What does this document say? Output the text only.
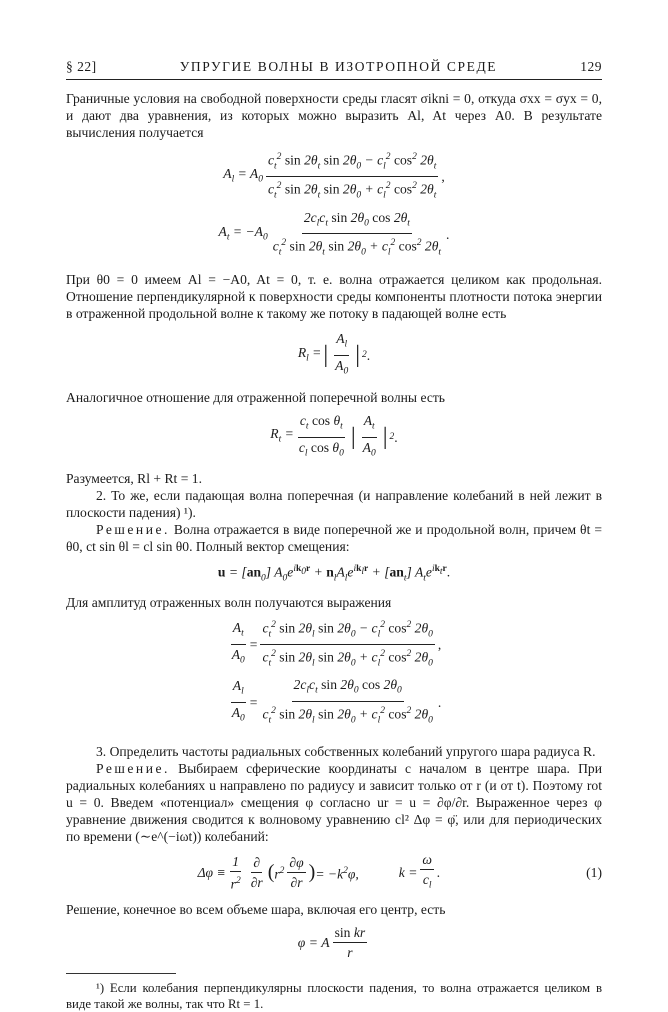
§ 22]	УПРУГИЕ ВОЛНЫ В ИЗОТРОПНОЙ СРЕДЕ	129

Граничные условия на свободной поверхности среды гласят σikni = 0, откуда σxx = σyx = 0, и дают два уравнения, из которых можно выразить Al, At через A0. В результате вычисления получается

$A_l = A_0 \frac{c_t^2 \sin 2\theta_t \sin 2\theta_0 - c_l^2 \cos^2 2\theta_t}{c_t^2 \sin 2\theta_t \sin 2\theta_0 + c_l^2 \cos^2 2\theta_t}$ ,
$A_t = -A_0 \frac{2c_lc_t \sin 2\theta_0 \cos 2\theta_t}{c_t^2 \sin 2\theta_t \sin 2\theta_0 + c_l^2 \cos^2 2\theta_t}$ .

При θ0 = 0 имеем Al = −A0, At = 0, т. е. волна отражается целиком как продольная. Отношение перпендикулярной к поверхности среды компоненты плотности потока энергии в отраженной продольной волне к такому же потоку в падающей волне есть

$R_l$ = | $\frac{A_l}{A_0}$ | 2 .

Аналогичное отношение для отраженной поперечной волны есть

$R_t = \frac{c_t \cos \theta_t}{c_l \cos \theta_0}$ | $\frac{A_t}{A_0}$ | 2 .

Разумеется, Rl + Rt = 1.

2. То же, если падающая волна поперечная (и направление колебаний в ней лежит в плоскости падения) ¹).

Решение. Волна отражается в виде поперечной же и продольной волн, причем θt = θ0, ct sin θl = cl sin θ0. Полный вектор смещения:

$u = [an_0] A_0e^{ik_0r} + n_lA_le^{ik_lr} + [an_t]$ $A_te^{ik_tr}$.

Для амплитуд отраженных волн получаются выражения

$\frac{A_t}{A_0} = \frac{c_t^2 \sin 2\theta_l \sin 2\theta_0 - c_l^2 \cos^2 2\theta_0}{c_t^2 \sin 2\theta_l \sin 2\theta_0 + c_l^2 \cos^2 2\theta_0}$ ,
$\frac{A_l}{A_0} = \frac{2c_lc_t \sin 2\theta_0 \cos 2\theta_0}{c_t^2 \sin 2\theta_l \sin 2\theta_0 + c_l^2 \cos^2 2\theta_0}$ .

3. Определить частоты радиальных собственных колебаний упругого шара радиуса R.

Решение. Выбираем сферические координаты с началом в центре шара. При радиальных колебаниях u направлено по радиусу и зависит только от r (и от t). Поэтому rot u = 0. Введем «потенциал» смещения φ согласно ur = u = ∂φ/∂r. Выраженное через φ уравнение движения сводится к волновому уравнению cl² Δφ = φ̈, или для периодических по времени (∼e^(−iωt)) колебаний:

$\Delta\varphi \equiv \frac{1}{r^2} \frac{\partial}{\partial r}$ ( $r^2 \frac{\partial\varphi}{\partial r}$ ) = $-k^2\varphi$,	$k = \frac{\omega}{c_l}$ .	(1)

Решение, конечное во всем объеме шара, включая его центр, есть

φ = A $\frac{\text{sin kr}}{r}$

¹) Если колебания перпендикулярны плоскости падения, то волна отражается целиком в виде такой же волны, так что Rt = 1.
